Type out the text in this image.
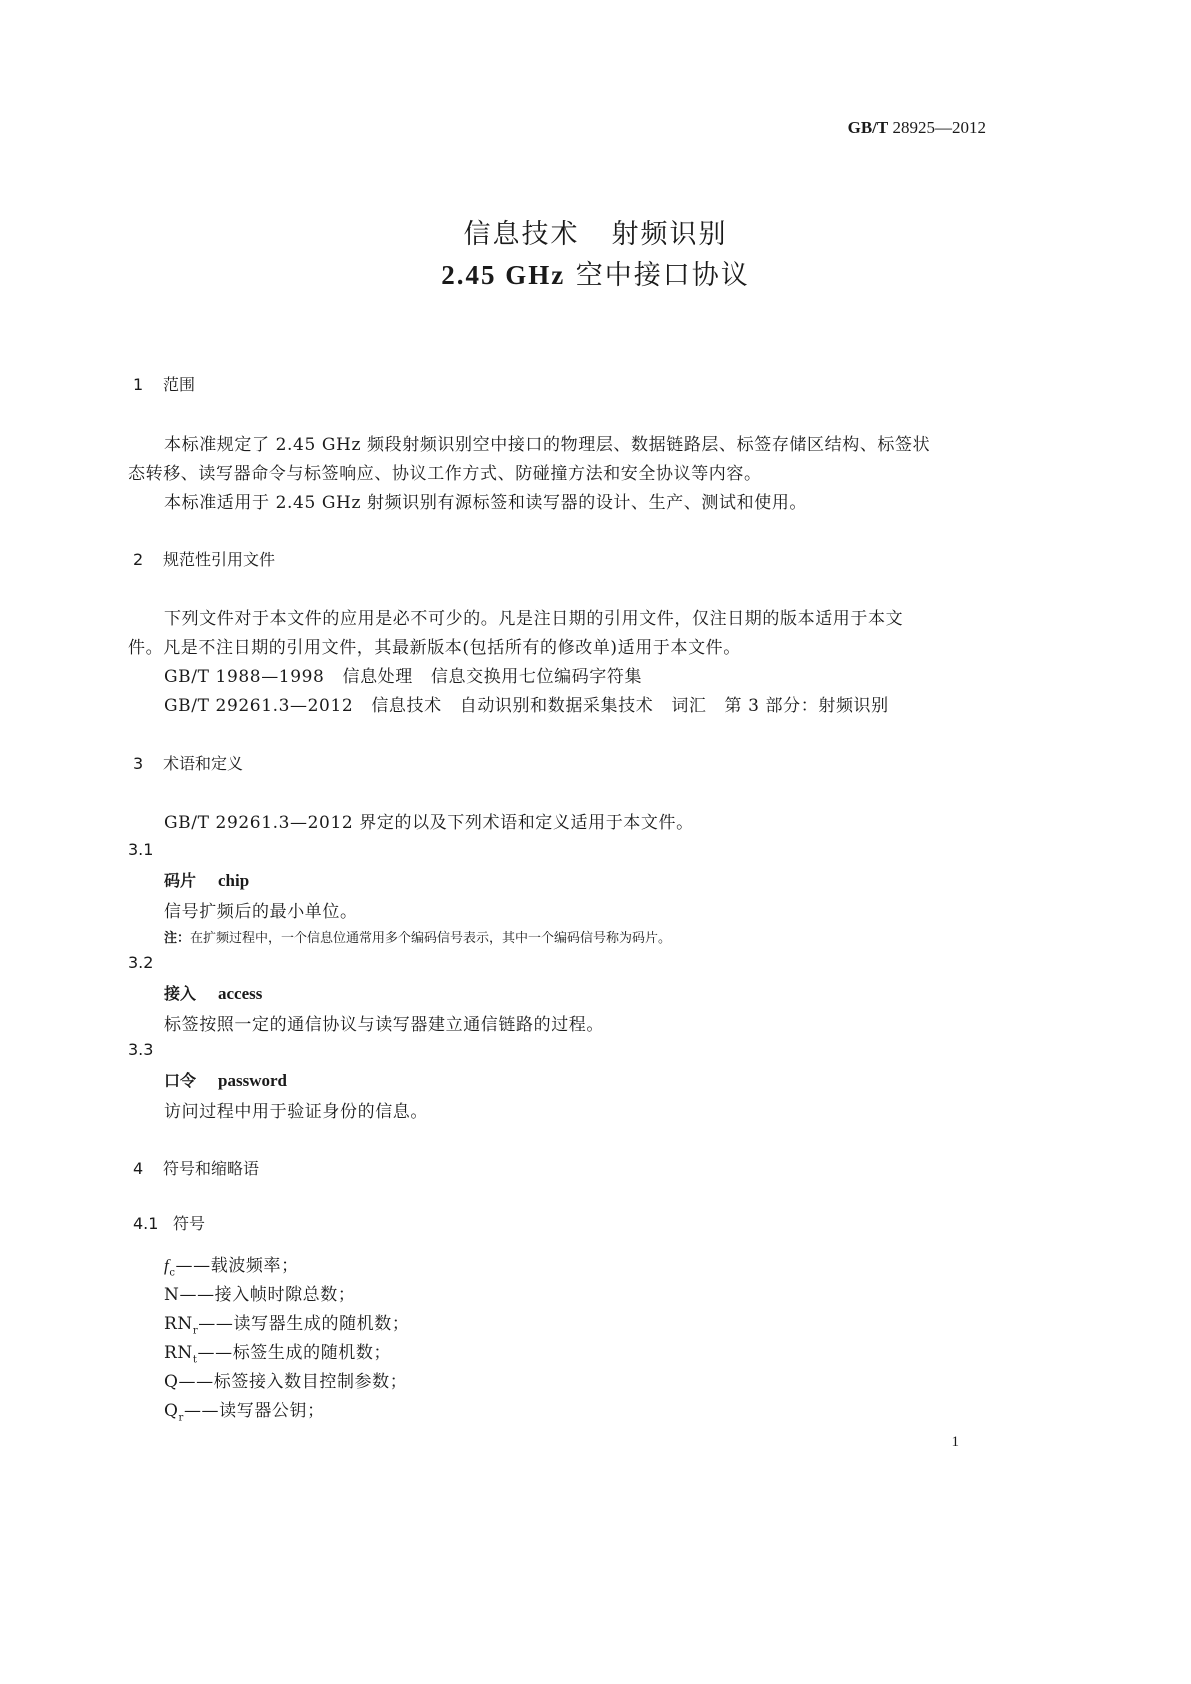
GB/T 28925—2012
信息技术 射频识别
2.45 GHz 空中接口协议
1 范围
本标准规定了 2.45 GHz 频段射频识别空中接口的物理层、数据链路层、标签存储区结构、标签状
态转移、读写器命令与标签响应、协议工作方式、防碰撞方法和安全协议等内容。
本标准适用于 2.45 GHz 射频识别有源标签和读写器的设计、生产、测试和使用。
2 规范性引用文件
下列文件对于本文件的应用是必不可少的。凡是注日期的引用文件，仅注日期的版本适用于本文
件。凡是不注日期的引用文件，其最新版本(包括所有的修改单)适用于本文件。
GB/T 1988—1998 信息处理 信息交换用七位编码字符集
GB/T 29261.3—2012 信息技术 自动识别和数据采集技术 词汇 第 3 部分：射频识别
3 术语和定义
GB/T 29261.3—2012 界定的以及下列术语和定义适用于本文件。
3.1
码片 chip
信号扩频后的最小单位。
注：在扩频过程中，一个信息位通常用多个编码信号表示，其中一个编码信号称为码片。
3.2
接入 access
标签按照一定的通信协议与读写器建立通信链路的过程。
3.3
口令 password
访问过程中用于验证身份的信息。
4 符号和缩略语
4.1 符号
$f_c——$载波频率；
N——接入帧时隙总数；
$RN_r——$读写器生成的随机数；
$RN_t——$标签生成的随机数；
Q——标签接入数目控制参数；
$Q_r——$读写器公钥；
1
